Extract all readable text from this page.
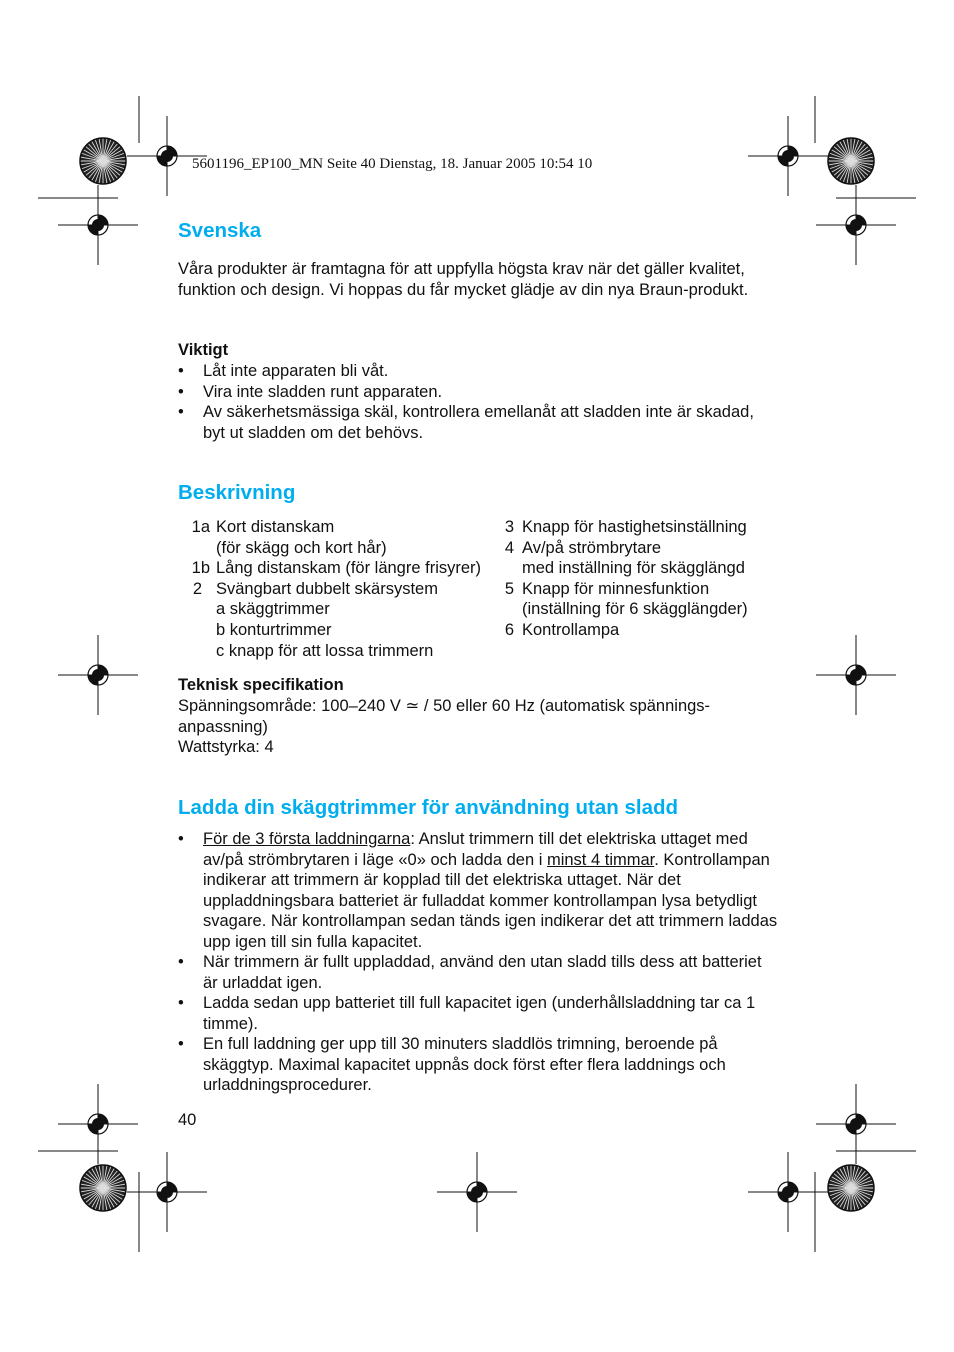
5601196_EP100_MN Seite 40 Dienstag, 18. Januar 2005 10:54 10
Svenska

Våra produkter är framtagna för att uppfylla högsta krav när det gäller kvalitet, funktion och design. Vi hoppas du får mycket glädje av din nya Braun-produkt.

Viktigt

• Låt inte apparaten bli våt.
• Vira inte sladden runt apparaten.
• Av säkerhetsmässiga skäl, kontrollera emellanåt att sladden inte är skadad, byt ut sladden om det behövs.
Beskrivning
1a Kort distanskam
(för skägg och kort hår)
1b Lång distanskam (för längre frisyrer)
2 Svängbart dubbelt skärsystem
a skäggtrimmer
b konturtrimmer
c knapp för att lossa trimmern
3 Knapp för hastighetsinställning
4 Av/på strömbrytare
med inställning för skägglängd
5 Knapp för minnesfunktion
(inställning för 6 skägglängder)
6 Kontrollampa

Teknisk specifikation

Spänningsområde: 100–240 V ≃ / 50 eller 60 Hz (automatisk spännings-anpassning)

Wattstyrka: 4

Ladda din skäggtrimmer för användning utan sladd
• För de 3 första laddningarna: Anslut trimmern till det elektriska uttaget med av/på strömbrytaren i läge «0» och ladda den i minst 4 timmar. Kontrollampan indikerar att trimmern är kopplad till det elektriska uttaget. När det uppladdningsbara batteriet är fulladdat kommer kontrollampan lysa betydligt svagare. När kontrollampan sedan tänds igen indikerar det att trimmern laddas upp igen till sin fulla kapacitet.
• När trimmern är fullt uppladdad, använd den utan sladd tills dess att batteriet är urladdat igen.
• Ladda sedan upp batteriet till full kapacitet igen (underhållsladdning tar ca 1 timme).
• En full laddning ger upp till 30 minuters sladdlös trimning, beroende på skäggtyp. Maximal kapacitet uppnås dock först efter flera laddnings och urladdningsprocedurer.
40
